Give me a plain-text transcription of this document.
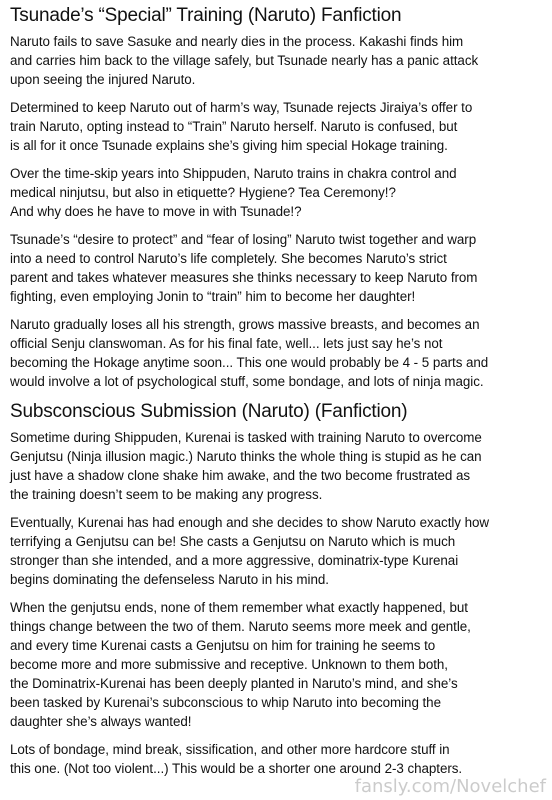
Tsunade’s “Special” Training (Naruto) Fanfiction

Naruto fails to save Sasuke and nearly dies in the process. Kakashi finds him
and carries him back to the village safely, but Tsunade nearly has a panic attack
upon seeing the injured Naruto.

Determined to keep Naruto out of harm’s way, Tsunade rejects Jiraiya’s offer to
train Naruto, opting instead to “Train” Naruto herself. Naruto is confused, but
is all for it once Tsunade explains she’s giving him special Hokage training.

Over the time-skip years into Shippuden, Naruto trains in chakra control and
medical ninjutsu, but also in etiquette? Hygiene? Tea Ceremony!?
And why does he have to move in with Tsunade!?

Tsunade’s “desire to protect” and “fear of losing” Naruto twist together and warp
into a need to control Naruto’s life completely. She becomes Naruto’s strict
parent and takes whatever measures she thinks necessary to keep Naruto from
fighting, even employing Jonin to “train” him to become her daughter!

Naruto gradually loses all his strength, grows massive breasts, and becomes an
official Senju clanswoman. As for his final fate, well... lets just say he’s not
becoming the Hokage anytime soon... This one would probably be 4 - 5 parts and
would involve a lot of psychological stuff, some bondage, and lots of ninja magic.

Subsconscious Submission (Naruto) (Fanfiction)

Sometime during Shippuden, Kurenai is tasked with training Naruto to overcome
Genjutsu (Ninja illusion magic.) Naruto thinks the whole thing is stupid as he can
just have a shadow clone shake him awake, and the two become frustrated as
the training doesn’t seem to be making any progress.

Eventually, Kurenai has had enough and she decides to show Naruto exactly how
terrifying a Genjutsu can be! She casts a Genjutsu on Naruto which is much
stronger than she intended, and a more aggressive, dominatrix-type Kurenai
begins dominating the defenseless Naruto in his mind.

When the genjutsu ends, none of them remember what exactly happened, but
things change between the two of them. Naruto seems more meek and gentle,
and every time Kurenai casts a Genjutsu on him for training he seems to
become more and more submissive and receptive. Unknown to them both,
the Dominatrix-Kurenai has been deeply planted in Naruto’s mind, and she’s
been tasked by Kurenai’s subconscious to whip Naruto into becoming the
daughter she’s always wanted!

Lots of bondage, mind break, sissification, and other more hardcore stuff in
this one. (Not too violent...) This would be a shorter one around 2-3 chapters.

fansly.com/Novelchef
